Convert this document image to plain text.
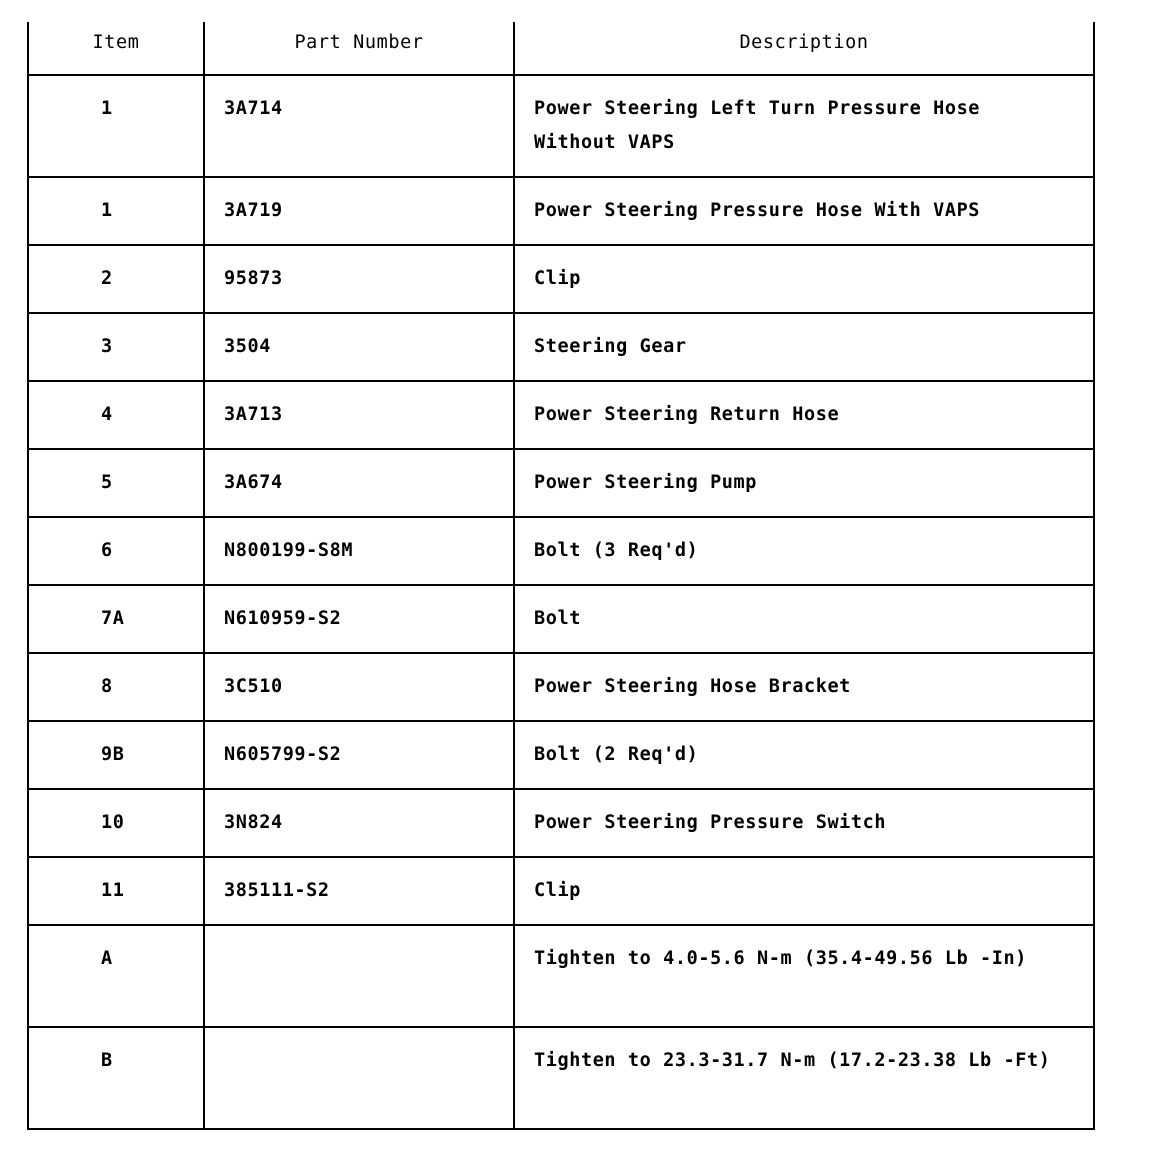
Item	Part Number	Description
1	3A714	Power Steering Left Turn Pressure Hose Without VAPS
1	3A719	Power Steering Pressure Hose With VAPS
2	95873	Clip
3	3504	Steering Gear
4	3A713	Power Steering Return Hose
5	3A674	Power Steering Pump
6	N800199-S8M	Bolt (3 Req'd)
7A	N610959-S2	Bolt
8	3C510	Power Steering Hose Bracket
9B	N605799-S2	Bolt (2 Req'd)
10	3N824	Power Steering Pressure Switch
11	385111-S2	Clip
A		Tighten to 4.0-5.6 N-m (35.4-49.56 Lb -In)
B		Tighten to 23.3-31.7 N-m (17.2-23.38 Lb -Ft)
